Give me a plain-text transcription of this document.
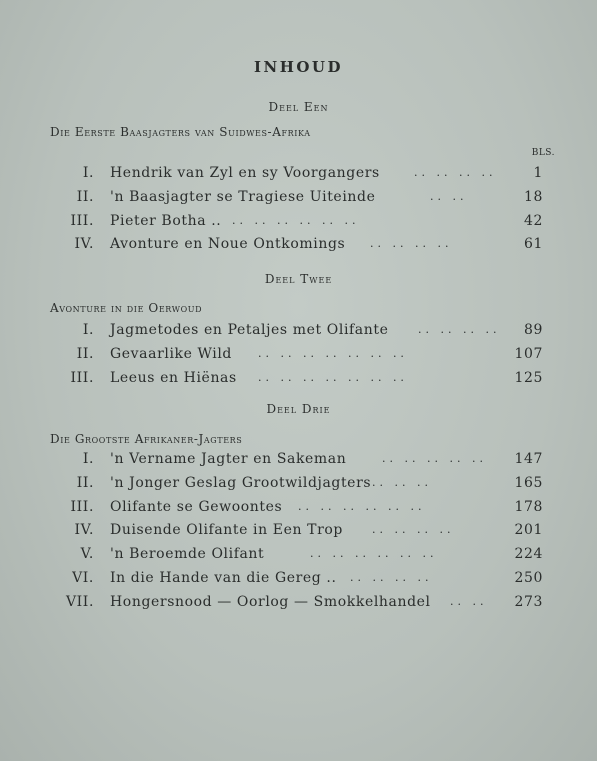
INHOUD
Deel Een
Die Eerste Baasjagters van Suidwes-Afrika
BLS.
Deel Twee
Avonture in die Oerwoud
Deel Drie
Die Grootste Afrikaner-Jagters
I. Hendrik van Zyl en sy Voorgangers	.. .. .. ..	1
II. 'n Baasjagter se Tragiese Uiteinde	.. ..	18
III. Pieter Botha .. .. .. .. .. .. ..	42
IV. Avonture en Noue Ontkomings .. .. .. ..	61
I. Jagmetodes en Petaljes met Olifante	.. .. .. .. 89
II. Gevaarlike Wild .. .. .. .. .. .. ..	107
III. Leeus en Hiënas .. .. .. .. .. .. ..	125
I. 'n Vername Jagter en Sakeman	.. .. .. .. .. 147
II. 'n Jonger Geslag Grootwildjagters .. .. ..	165
III. Olifante se Gewoontes .. .. .. .. .. ..	178
IV. Duisende Olifante in Een Trop	.. .. .. ..	201
V. 'n Beroemde Olifant	.. .. .. .. .. ..	224
VI. In die Hande van die Gereg .. .. .. .. ..	250
VII. Hongersnood — Oorlog — Smokkelhandel .. .. 273
